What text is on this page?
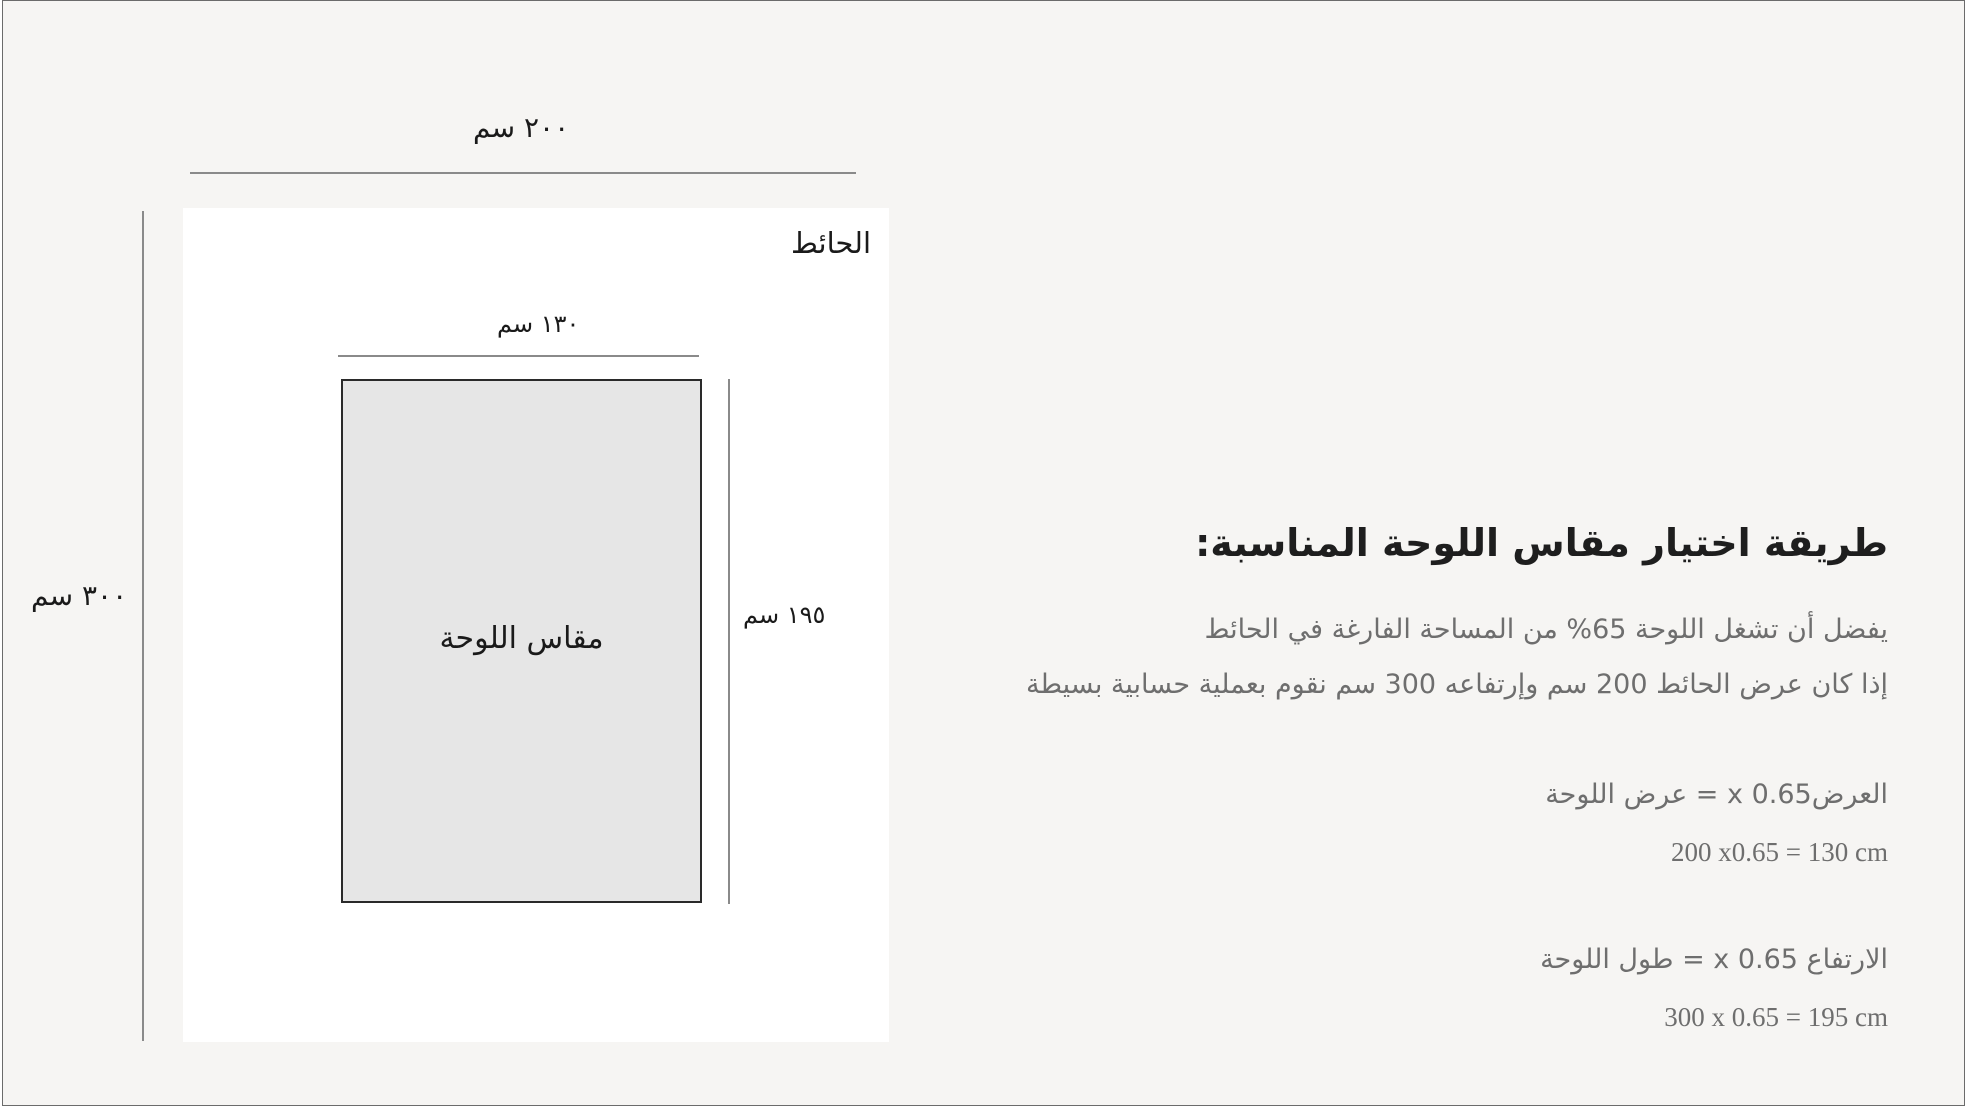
٢٠٠ سم
٣٠٠ سم
الحائط
١٣٠ سم
مقاس اللوحة
١٩٥ سم
طريقة اختيار مقاس اللوحة المناسبة:
يفضل أن تشغل اللوحة 65% من المساحة الفارغة في الحائط
إذا كان عرض الحائط 200 سم وإرتفاعه 300 سم نقوم بعملية حسابية بسيطة
العرضx 0.65 = عرض اللوحة
200 x0.65 = 130 cm
الارتفاع x 0.65 = طول اللوحة
300 x 0.65 = 195 cm
